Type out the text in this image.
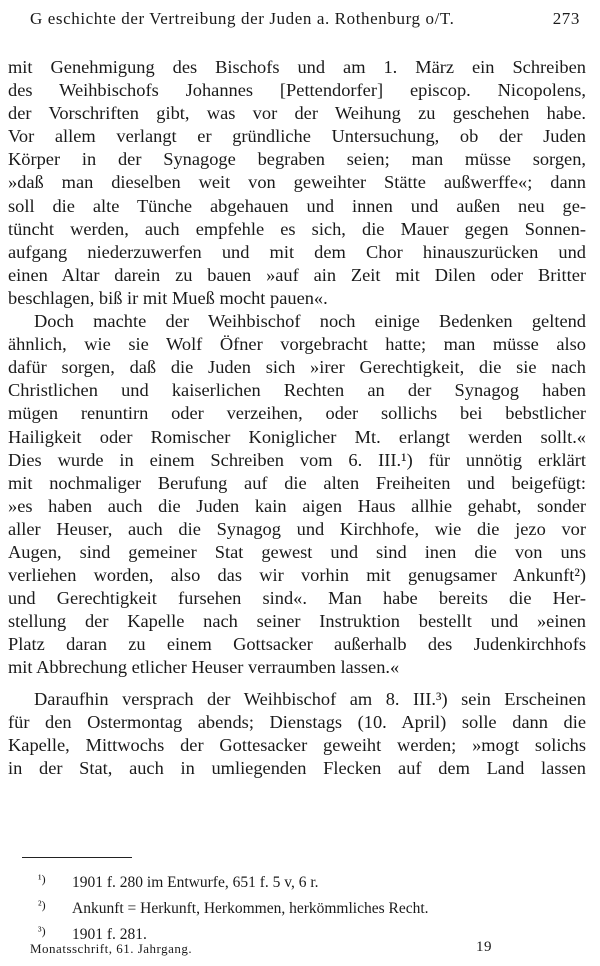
G eschichte der Vertreibung der Juden a. Rothenburg o/T.	273
mit Genehmigung des Bischofs und am 1. März ein Schreiben
des Weihbischofs Johannes [Pettendorfer] episcop. Nicopolens,
der Vorschriften gibt, was vor der Weihung zu geschehen habe.
Vor allem verlangt er gründliche Untersuchung, ob der Juden
Körper in der Synagoge begraben seien; man müsse sorgen,
»daß man dieselben weit von geweihter Stätte außwerffe«; dann
soll die alte Tünche abgehauen und innen und außen neu ge-
tüncht werden, auch empfehle es sich, die Mauer gegen Sonnen-
aufgang niederzuwerfen und mit dem Chor hinauszurücken und
einen Altar darein zu bauen »auf ain Zeit mit Dilen oder Britter
beschlagen, biß ir mit Mueß mocht pauen«.
Doch machte der Weihbischof noch einige Bedenken geltend
ähnlich, wie sie Wolf Öfner vorgebracht hatte; man müsse also
dafür sorgen, daß die Juden sich »irer Gerechtigkeit, die sie nach
Christlichen und kaiserlichen Rechten an der Synagog haben
mügen renuntirn oder verzeihen, oder sollichs bei bebstlicher
Hailigkeit oder Romischer Koniglicher Mt. erlangt werden sollt.«
Dies wurde in einem Schreiben vom 6. III.¹) für unnötig erklärt
mit nochmaliger Berufung auf die alten Freiheiten und beigefügt:
»es haben auch die Juden kain aigen Haus allhie gehabt, sonder
aller Heuser, auch die Synagog und Kirchhofe, wie die jezo vor
Augen, sind gemeiner Stat gewest und sind inen die von uns
verliehen worden, also das wir vorhin mit genugsamer Ankunft²)
und Gerechtigkeit fursehen sind«. Man habe bereits die Her-
stellung der Kapelle nach seiner Instruktion bestellt und »einen
Platz daran zu einem Gottsacker außerhalb des Judenkirchhofs
mit Abbrechung etlicher Heuser verraumben lassen.«
Daraufhin versprach der Weihbischof am 8. III.³) sein Erscheinen
für den Ostermontag abends; Dienstags (10. April) solle dann die
Kapelle, Mittwochs der Gottesacker geweiht werden; »mogt solichs
in der Stat, auch in umliegenden Flecken auf dem Land lassen
¹) 1901 f. 280 im Entwurfe, 651 f. 5 v, 6 r.
²) Ankunft = Herkunft, Herkommen, herkömmliches Recht.
³) 1901 f. 281.
Monatsschrift, 61. Jahrgang.	19
